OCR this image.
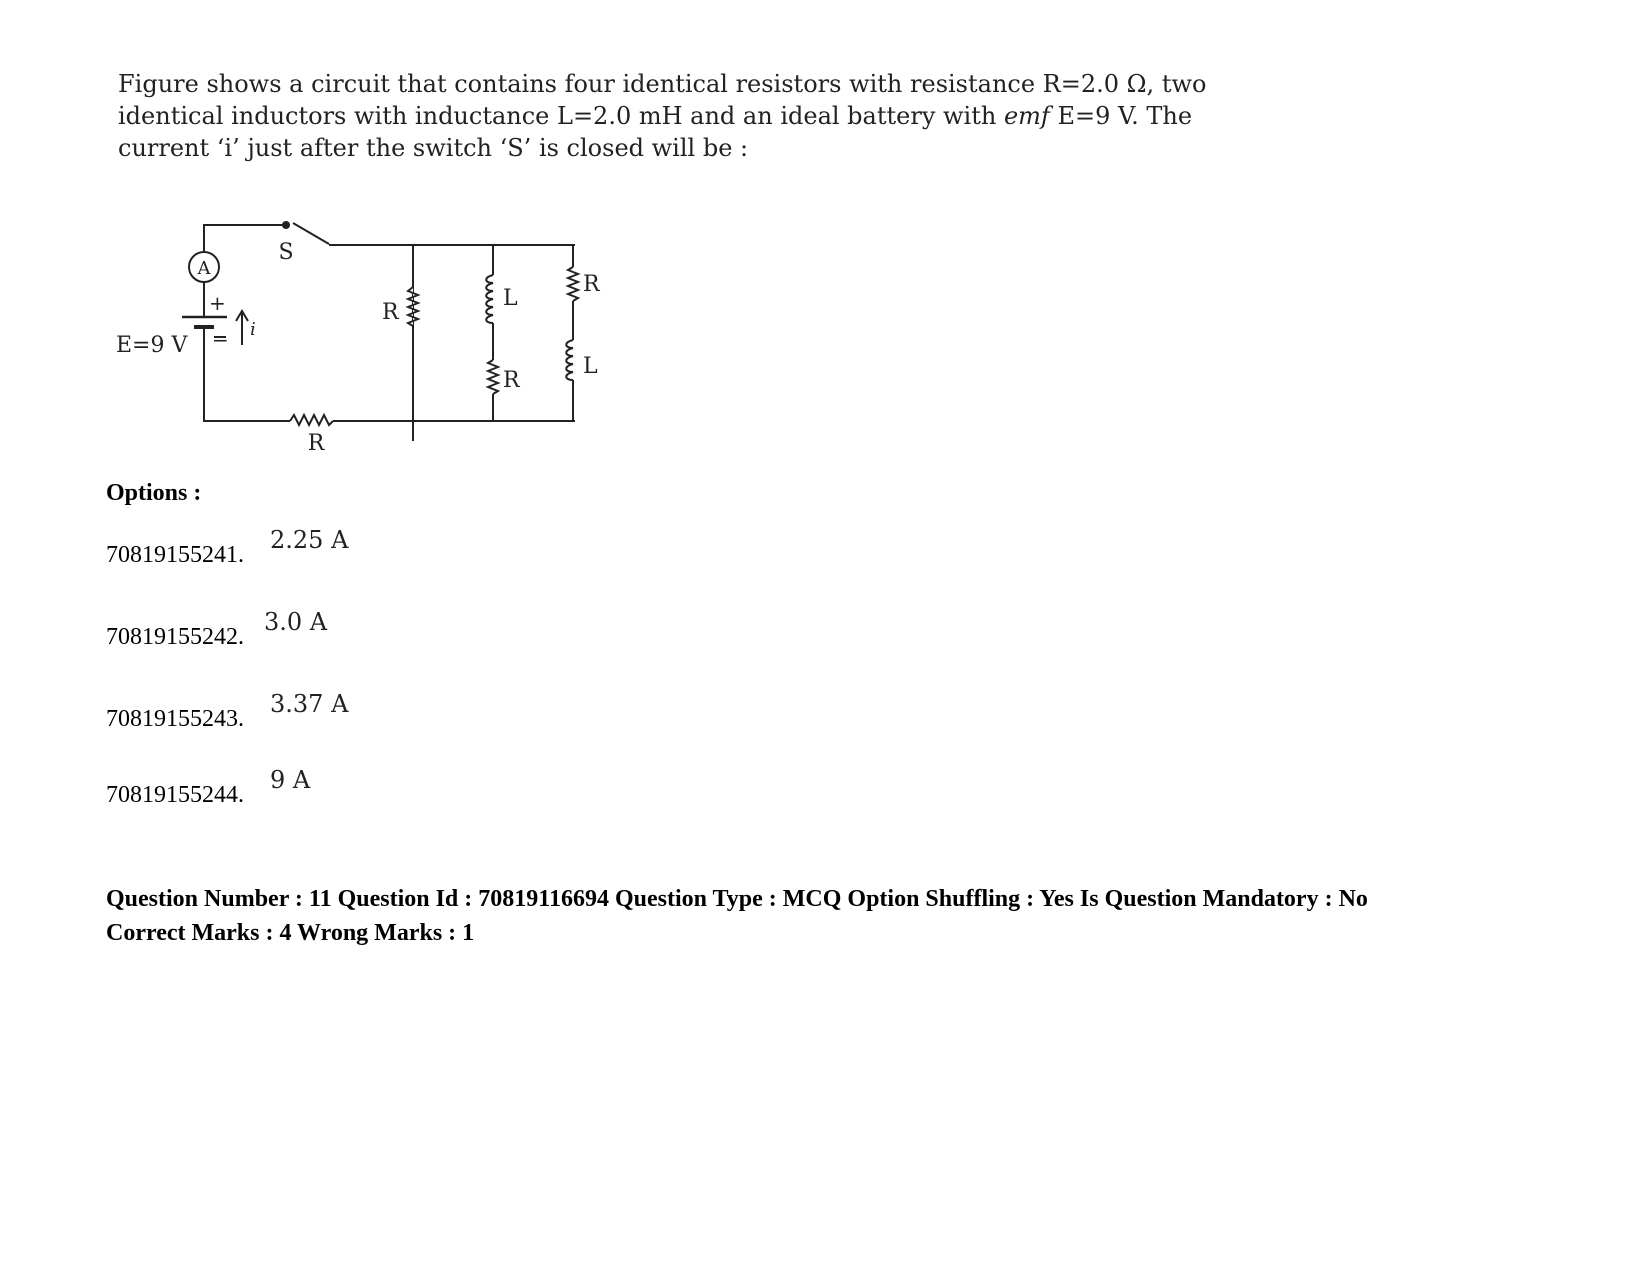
Figure shows a circuit that contains four identical resistors with resistance R=2.0 Ω, two
identical inductors with inductance L=2.0 mH and an ideal battery with emf E=9 V. The
current ‘i’ just after the switch ‘S’ is closed will be :
A
S
E=9 V
+
− i
R
R
L
R
R
L
Options :
70819155241.
2.25 A
70819155242.
3.0 A
70819155243.
3.37 A
70819155244.
9 A
Question Number : 11 Question Id : 70819116694 Question Type : MCQ Option Shuffling : Yes Is Question Mandatory : No
Correct Marks : 4 Wrong Marks : 1
